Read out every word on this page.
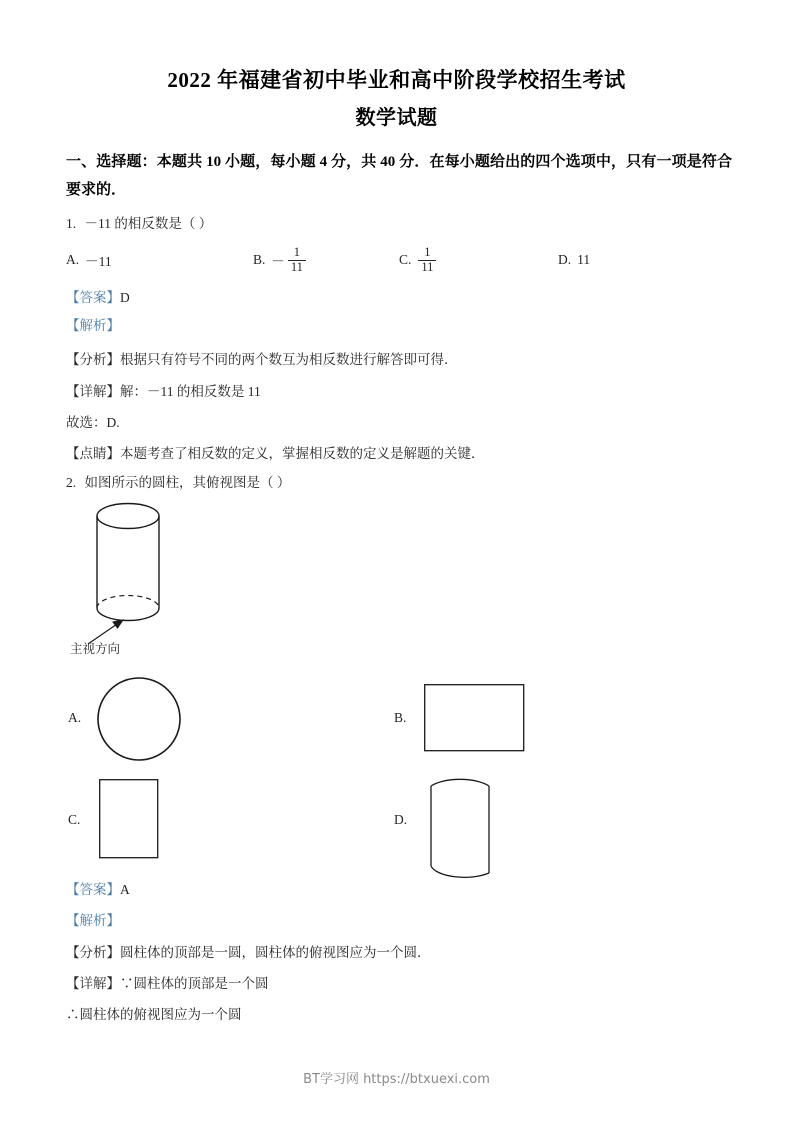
2022 年福建省初中毕业和高中阶段学校招生考试
数学试题
一、选择题：本题共 10 小题，每小题 4 分，共 40 分．在每小题给出的四个选项中，只有一项是符合要求的．
1. －11 的相反数是（ ）
A. －11	B. － $\frac{1}{11}$	C. $\frac{1}{11}$	D. 11
【答案】D
【解析】
【分析】根据只有符号不同的两个数互为相反数进行解答即可得．
【详解】解：－11 的相反数是 11
故选：D.
【点睛】本题考查了相反数的定义，掌握相反数的定义是解题的关键．
2. 如图所示的圆柱，其俯视图是（ ）
主视方向
A.	B.
C.	D.
【答案】A
【解析】
【分析】圆柱体的顶部是一圆，圆柱体的俯视图应为一个圆．
【详解】∵圆柱体的顶部是一个圆
∴圆柱体的俯视图应为一个圆
BT学习网 https://btxuexi.com
